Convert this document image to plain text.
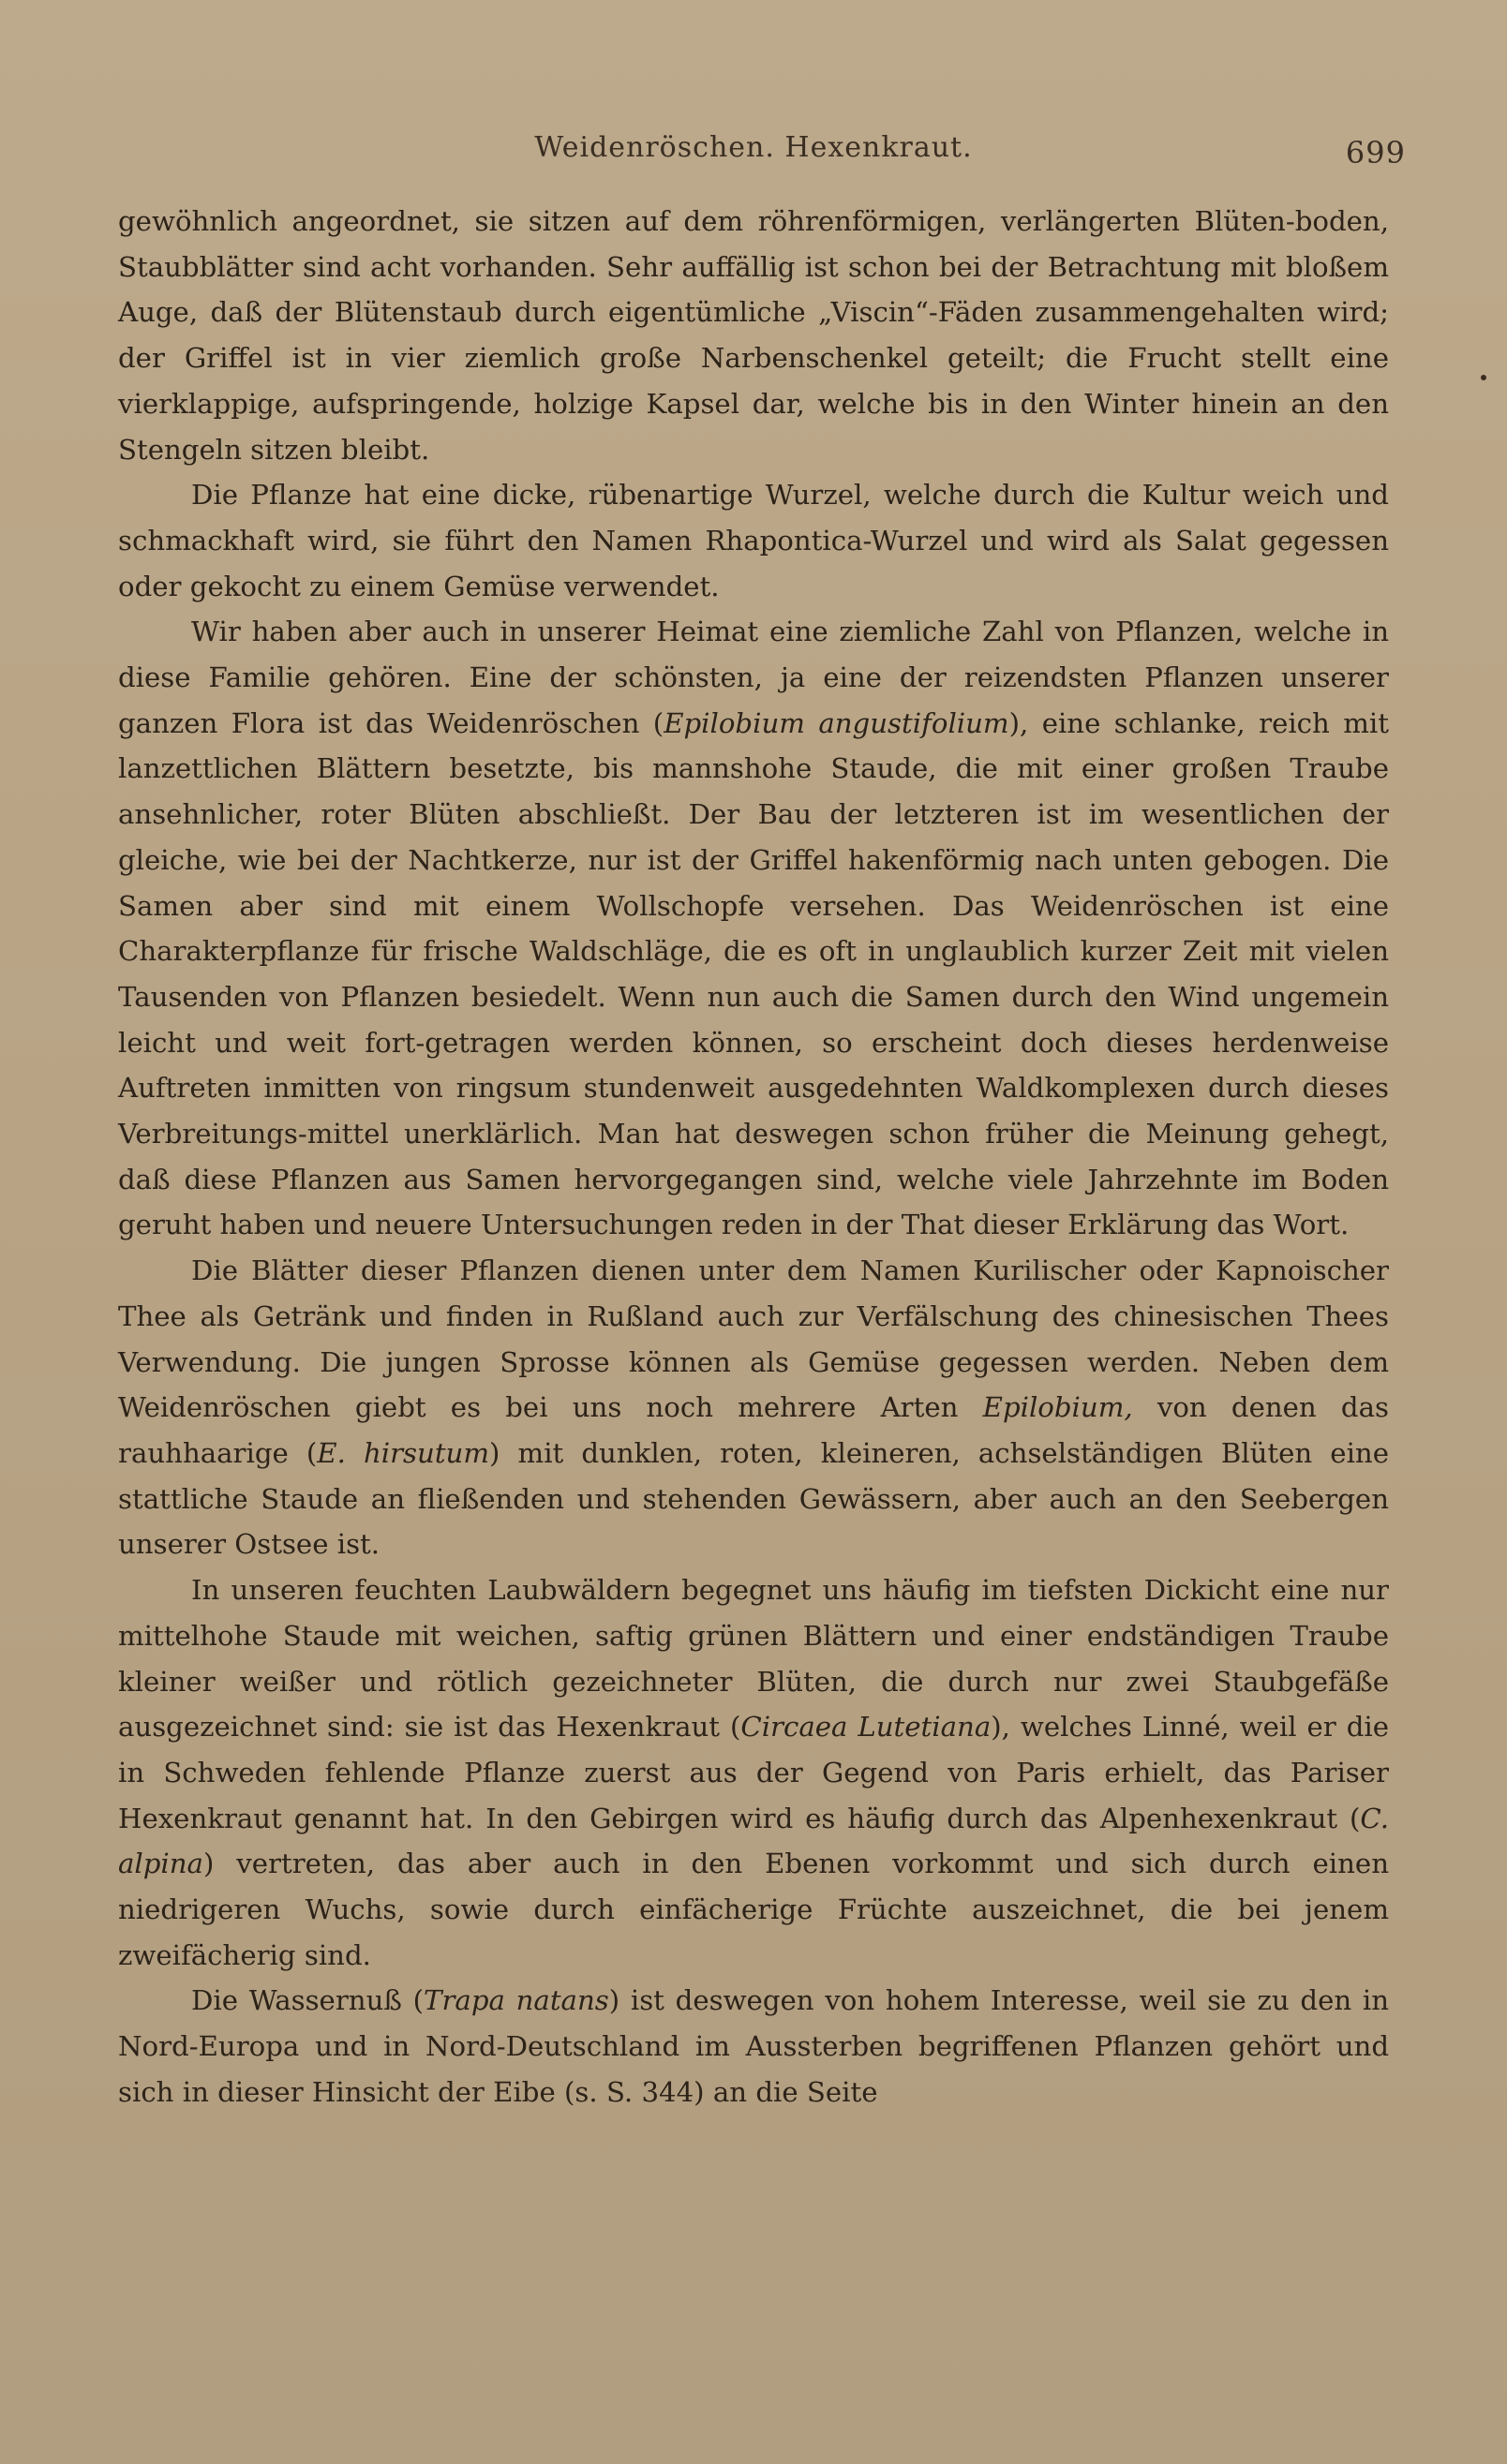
Weidenröschen. Hexenkraut.	699

gewöhnlich angeordnet, sie sitzen auf dem röhrenförmigen, verlängerten Blüten-boden, Staubblätter sind acht vorhanden. Sehr auffällig ist schon bei der Betrachtung mit bloßem Auge, daß der Blütenstaub durch eigentümliche „Viscin“-Fäden zusammengehalten wird; der Griffel ist in vier ziemlich große Narbenschenkel geteilt; die Frucht stellt eine vierklappige, aufspringende, holzige Kapsel dar, welche bis in den Winter hinein an den Stengeln sitzen bleibt.

Die Pflanze hat eine dicke, rübenartige Wurzel, welche durch die Kultur weich und schmackhaft wird, sie führt den Namen Rhapontica-Wurzel und wird als Salat gegessen oder gekocht zu einem Gemüse verwendet.

Wir haben aber auch in unserer Heimat eine ziemliche Zahl von Pflanzen, welche in diese Familie gehören. Eine der schönsten, ja eine der reizendsten Pflanzen unserer ganzen Flora ist das Weidenröschen (Epilobium angustifolium), eine schlanke, reich mit lanzettlichen Blättern besetzte, bis mannshohe Staude, die mit einer großen Traube ansehnlicher, roter Blüten abschließt. Der Bau der letzteren ist im wesentlichen der gleiche, wie bei der Nachtkerze, nur ist der Griffel hakenförmig nach unten gebogen. Die Samen aber sind mit einem Wollschopfe versehen. Das Weidenröschen ist eine Charakterpflanze für frische Waldschläge, die es oft in unglaublich kurzer Zeit mit vielen Tausenden von Pflanzen besiedelt. Wenn nun auch die Samen durch den Wind ungemein leicht und weit fort-getragen werden können, so erscheint doch dieses herdenweise Auftreten inmitten von ringsum stundenweit ausgedehnten Waldkomplexen durch dieses Verbreitungs-mittel unerklärlich. Man hat deswegen schon früher die Meinung gehegt, daß diese Pflanzen aus Samen hervorgegangen sind, welche viele Jahrzehnte im Boden geruht haben und neuere Untersuchungen reden in der That dieser Erklärung das Wort.

Die Blätter dieser Pflanzen dienen unter dem Namen Kurilischer oder Kapnoischer Thee als Getränk und finden in Rußland auch zur Verfälschung des chinesischen Thees Verwendung. Die jungen Sprosse können als Gemüse gegessen werden. Neben dem Weidenröschen giebt es bei uns noch mehrere Arten Epilobium, von denen das rauhhaarige (E. hirsutum) mit dunklen, roten, kleineren, achselständigen Blüten eine stattliche Staude an fließenden und stehenden Gewässern, aber auch an den Seebergen unserer Ostsee ist.

In unseren feuchten Laubwäldern begegnet uns häufig im tiefsten Dickicht eine nur mittelhohe Staude mit weichen, saftig grünen Blättern und einer endständigen Traube kleiner weißer und rötlich gezeichneter Blüten, die durch nur zwei Staubgefäße ausgezeichnet sind: sie ist das Hexenkraut (Circaea Lutetiana), welches Linné, weil er die in Schweden fehlende Pflanze zuerst aus der Gegend von Paris erhielt, das Pariser Hexenkraut genannt hat. In den Gebirgen wird es häufig durch das Alpenhexenkraut (C. alpina) vertreten, das aber auch in den Ebenen vorkommt und sich durch einen niedrigeren Wuchs, sowie durch einfächerige Früchte auszeichnet, die bei jenem zweifächerig sind.

Die Wassernuß (Trapa natans) ist deswegen von hohem Interesse, weil sie zu den in Nord-Europa und in Nord-Deutschland im Aussterben begriffenen Pflanzen gehört und sich in dieser Hinsicht der Eibe (s. S. 344) an die Seite
